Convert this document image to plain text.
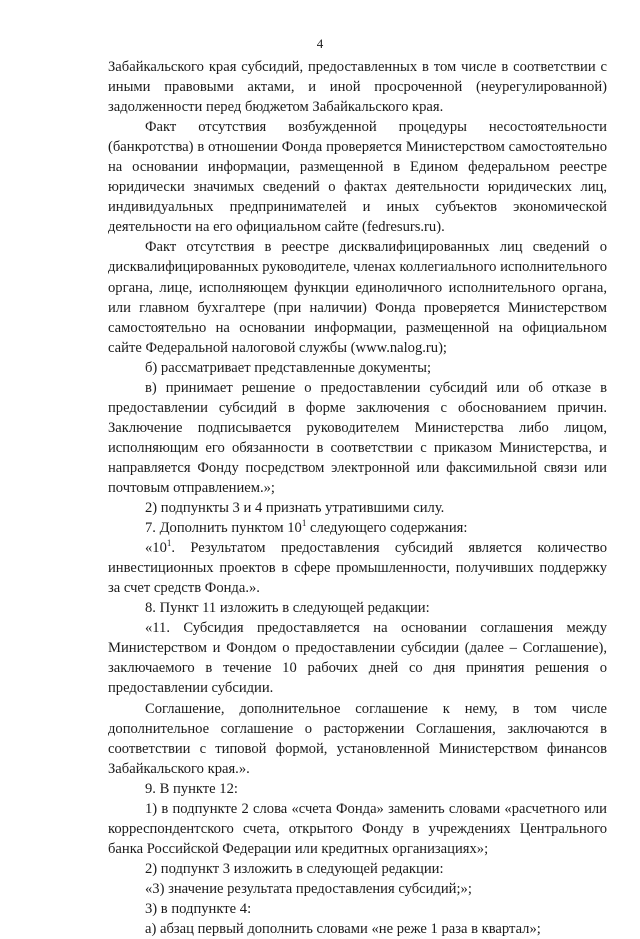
4

Забайкальского края субсидий, предоставленных в том числе в соответствии с иными правовыми актами, и иной просроченной (неурегулированной) задолженности перед бюджетом Забайкальского края.

Факт отсутствия возбужденной процедуры несостоятельности (банкротства) в отношении Фонда проверяется Министерством самостоятельно на основании информации, размещенной в Едином федеральном реестре юридически значимых сведений о фактах деятельности юридических лиц, индивидуальных предпринимателей и иных субъектов экономической деятельности на его официальном сайте (fedresurs.ru).

Факт отсутствия в реестре дисквалифицированных лиц сведений о дисквалифицированных руководителе, членах коллегиального исполнительного органа, лице, исполняющем функции единоличного исполнительного органа, или главном бухгалтере (при наличии) Фонда проверяется Министерством самостоятельно на основании информации, размещенной на официальном сайте Федеральной налоговой службы (www.nalog.ru);

б) рассматривает представленные документы;

в) принимает решение о предоставлении субсидий или об отказе в предоставлении субсидий в форме заключения с обоснованием причин. Заключение подписывается руководителем Министерства либо лицом, исполняющим его обязанности в соответствии с приказом Министерства, и направляется Фонду посредством электронной или факсимильной связи или почтовым отправлением.»;

2) подпункты 3 и 4 признать утратившими силу.

7. Дополнить пунктом $10^1$ следующего содержания:

«$10^1$. Результатом предоставления субсидий является количество инвестиционных проектов в сфере промышленности, получивших поддержку за счет средств Фонда.».

8. Пункт 11 изложить в следующей редакции:

«11. Субсидия предоставляется на основании соглашения между Министерством и Фондом о предоставлении субсидии (далее – Соглашение), заключаемого в течение 10 рабочих дней со дня принятия решения о предоставлении субсидии.

Соглашение, дополнительное соглашение к нему, в том числе дополнительное соглашение о расторжении Соглашения, заключаются в соответствии с типовой формой, установленной Министерством финансов Забайкальского края.».

9. В пункте 12:

1) в подпункте 2 слова «счета Фонда» заменить словами «расчетного или корреспондентского счета, открытого Фонду в учреждениях Центрального банка Российской Федерации или кредитных организациях»;

2) подпункт 3 изложить в следующей редакции:

«3) значение результата предоставления субсидий;»;

3) в подпункте 4:

а) абзац первый дополнить словами «не реже 1 раза в квартал»;
